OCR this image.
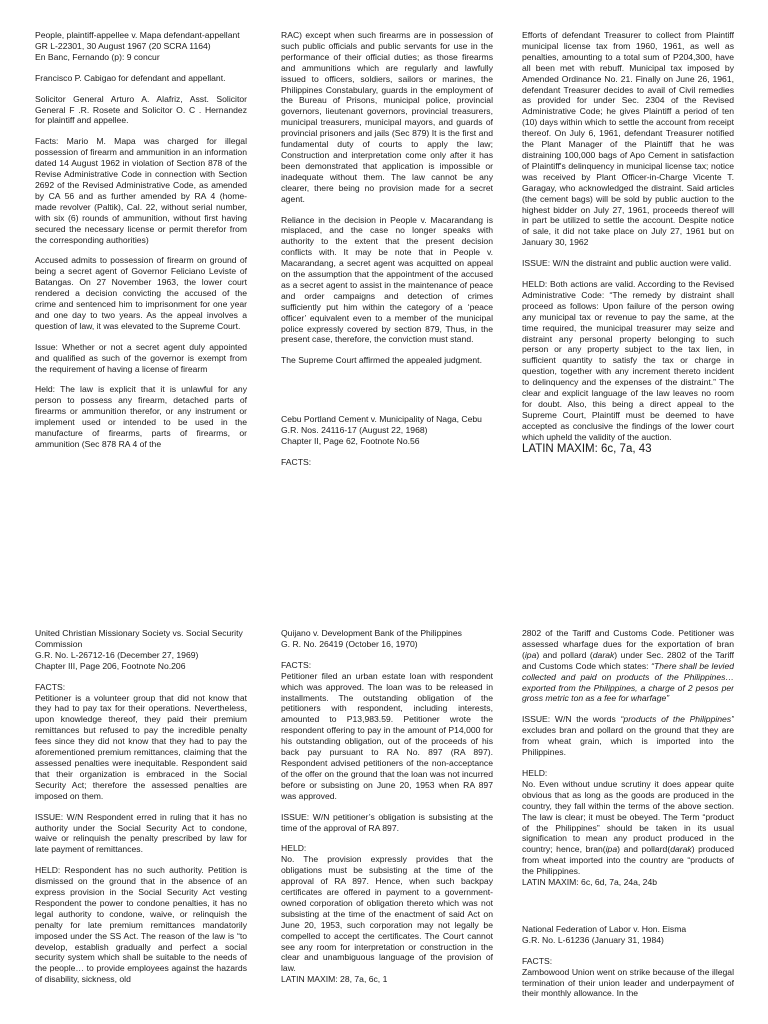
People, plaintiff-appellee v. Mapa defendant-appellant
GR L-22301, 30 August 1967 (20 SCRA 1164)
En Banc, Fernando (p): 9 concur

Francisco P. Cabigao for defendant and appellant.

Solicitor General Arturo A. Alafriz, Asst. Solicitor General F .R. Rosete and Solicitor O. C . Hernandez for plaintiff and appellee.

Facts: Mario M. Mapa was charged for illegal possession of firearm and ammunition in an information dated 14 August 1962 in violation of Section 878 of the Revise Administrative Code in connection with Section 2692 of the Revised Administrative Code, as amended by CA 56 and as further amended by RA 4 (home-made revolver (Paltik), Cal. 22, without serial number, with six (6) rounds of ammunition, without first having secured the necessary license or permit therefor from the corresponding authorities)

Accused admits to possession of firearm on ground of being a secret agent of Governor Feliciano Leviste of Batangas. On 27 November 1963, the lower court rendered a decision convicting the accused of the crime and sentenced him to imprisonment for one year and one day to two years. As the appeal involves a question of law, it was elevated to the Supreme Court.

Issue: Whether or not a secret agent duly appointed and qualified as such of the governor is exempt from the requirement of having a license of firearm

Held: The law is explicit that it is unlawful for any person to possess any firearm, detached parts of firearms or ammunition therefor, or any instrument or implement used or intended to be used in the manufacture of firearms, parts of firearms, or ammunition (Sec 878 RA 4 of the

RAC) except when such firearms are in possession of such public officials and public servants for use in the performance of their official duties; as those firearms and ammunitions which are regularly and lawfully issued to officers, soldiers, sailors or marines, the Philippines Constabulary, guards in the employment of the Bureau of Prisons, municipal police, provincial governors, lieutenant governors, provincial treasurers, municipal treasurers, municipal mayors, and guards of provincial prisoners and jails (Sec 879) It is the first and fundamental duty of courts to apply the law; Construction and interpretation come only after it has been demonstrated that application is impossible or inadequate without them. The law cannot be any clearer, there being no provision made for a secret agent.

Reliance in the decision in People v. Macarandang is misplaced, and the case no longer speaks with authority to the extent that the present decision conflicts with. It may be note that in People v. Macarandang, a secret agent was acquitted on appeal on the assumption that the appointment of the accused as a secret agent to assist in the maintenance of peace and order campaigns and detection of crimes sufficiently put him within the category of a ‘peace officer’ equivalent even to a member of the municipal police expressly covered by section 879, Thus, in the present case, therefore, the conviction must stand.

The Supreme Court affirmed the appealed judgment.

Cebu Portland Cement v. Municipality of Naga, Cebu
G.R. Nos. 24116-17 (August 22, 1968)
Chapter II, Page 62, Footnote No.56

FACTS:

Efforts of defendant Treasurer to collect from Plaintiff municipal license tax from 1960, 1961, as well as penalties, amounting to a total sum of P204,300, have all been met with rebuff. Municipal tax imposed by Amended Ordinance No. 21. Finally on June 26, 1961, defendant Treasurer decides to avail of Civil remedies as provided for under Sec. 2304 of the Revised Administrative Code; he gives Plaintiff a period of ten (10) days within which to settle the account from receipt thereof. On July 6, 1961, defendant Treasurer notified the Plant Manager of the Plaintiff that he was distraining 100,000 bags of Apo Cement in satisfaction of Plaintiff's delinquency in municipal license tax; notice was received by Plant Officer-in-Charge Vicente T. Garagay, who acknowledged the distraint. Said articles (the cement bags) will be sold by public auction to the highest bidder on July 27, 1961, proceeds thereof will in part be utilized to settle the account. Despite notice of sale, it did not take place on July 27, 1961 but on January 30, 1962

ISSUE: W/N the distraint and public auction were valid.

HELD: Both actions are valid. According to the Revised Administrative Code: “The remedy by distraint shall proceed as follows: Upon failure of the person owing any municipal tax or revenue to pay the same, at the time required, the municipal treasurer may seize and distraint any personal property belonging to such person or any property subject to the tax lien, in sufficient quantity to satisfy the tax or charge in question, together with any increment thereto incident to delinquency and the expenses of the distraint.” The clear and explicit language of the law leaves no room for doubt. Also, this being a direct appeal to the Supreme Court, Plaintiff must be deemed to have accepted as conclusive the findings of the lower court which upheld the validity of the auction.

LATIN MAXIM: 6c, 7a, 43

United Christian Missionary Society vs. Social Security Commission
G.R. No. L-26712-16 (December 27, 1969)
Chapter III, Page 206, Footnote No.206

FACTS:
Petitioner is a volunteer group that did not know that they had to pay tax for their operations. Nevertheless, upon knowledge thereof, they paid their premium remittances but refused to pay the incredible penalty fees since they did not know that they had to pay the aforementioned premium remittances, claiming that the assessed penalties were inequitable. Respondent said that their organization is embraced in the Social Security Act; therefore the assessed penalties are imposed on them.

ISSUE: W/N Respondent erred in ruling that it has no authority under the Social Security Act to condone, waive or relinquish the penalty prescribed by law for late payment of remittances.

HELD: Respondent has no such authority. Petition is dismissed on the ground that in the absence of an express provision in the Social Security Act vesting Respondent the power to condone penalties, it has no legal authority to condone, waive, or relinquish the penalty for late premium remittances mandatorily imposed under the SS Act. The reason of the law is “to develop, establish gradually and perfect a social security system which shall be suitable to the needs of the people… to provide employees against the hazards of disability, sickness, old

Quijano v. Development Bank of the Philippines
G. R. No. 26419 (October 16, 1970)

FACTS:
Petitioner filed an urban estate loan with respondent which was approved. The loan was to be released in installments. The outstanding obligation of the petitioners with respondent, including interests, amounted to P13,983.59. Petitioner wrote the respondent offering to pay in the amount of P14,000 for his outstanding obligation, out of the proceeds of his back pay pursuant to RA No. 897 (RA 897). Respondent advised petitioners of the non-acceptance of the offer on the ground that the loan was not incurred before or subsisting on June 20, 1953 when RA 897 was approved.

ISSUE: W/N petitioner’s obligation is subsisting at the time of the approval of RA 897.

HELD:
No. The provision expressly provides that the obligations must be subsisting at the time of the approval of RA 897. Hence, when such backpay certificates are offered in payment to a government-owned corporation of obligation thereto which was not subsisting at the time of the enactment of said Act on June 20, 1953, such corporation may not legally be compelled to accept the certificates. The Court cannot see any room for interpretation or construction in the clear and unambiguous language of the provision of law.

LATIN MAXIM: 28, 7a, 6c, 1

2802 of the Tariff and Customs Code. Petitioner was assessed wharfage dues for the exportation of bran (ipa) and pollard (darak) under Sec. 2802 of the Tariff and Customs Code which states: “There shall be levied collected and paid on products of the Philippines… exported from the Philippines, a charge of 2 pesos per gross metric ton as a fee for wharfage”

ISSUE: W/N the words “products of the Philippines” excludes bran and pollard on the ground that they are from wheat grain, which is imported into the Philippines.

HELD:
No. Even without undue scrutiny it does appear quite obvious that as long as the goods are produced in the country, they fall within the terms of the above section. The law is clear; it must be obeyed. The Term “product of the Philippines” should be taken in its usual signification to mean any product produced in the country; hence, bran(ipa) and pollard(darak) produced from wheat imported into the country are “products of the Philippines.

LATIN MAXIM: 6c, 6d, 7a, 24a, 24b

National Federation of Labor v. Hon. Eisma
G.R. No. L-61236 (January 31, 1984)

FACTS:
Zambowood Union went on strike because of the illegal termination of their union leader and underpayment of their monthly allowance. In the
